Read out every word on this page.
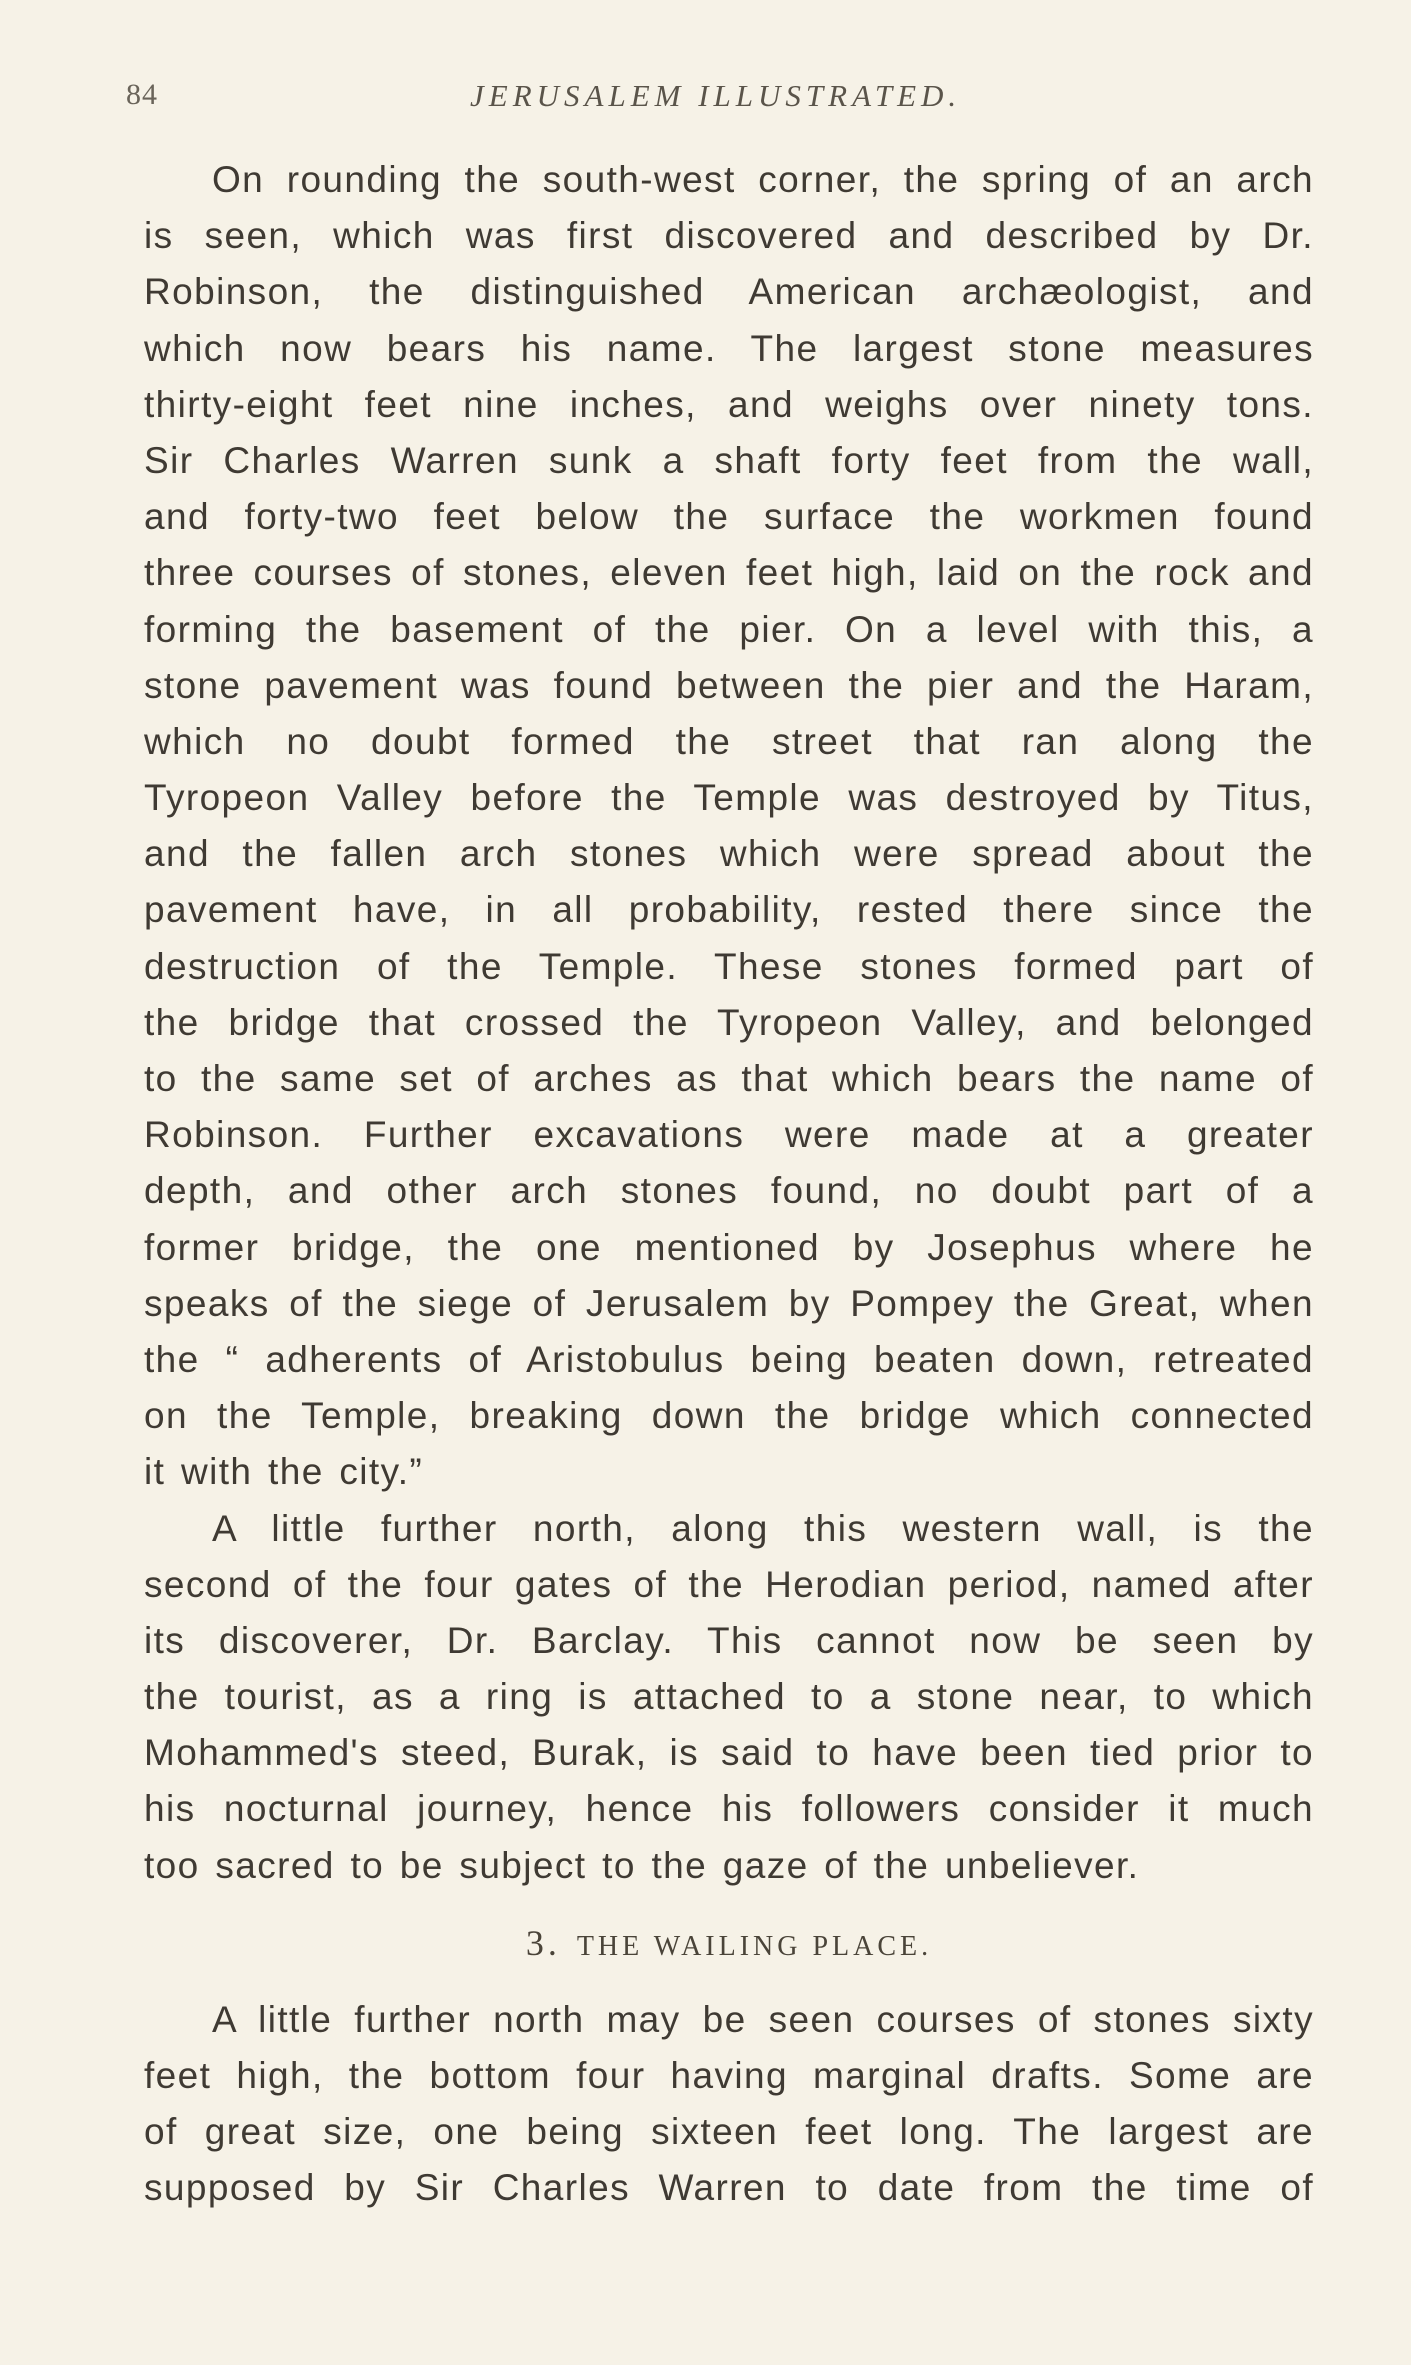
84	JERUSALEM ILLUSTRATED.
On rounding the south-west corner, the spring of an arch
is seen, which was first discovered and described by Dr.
Robinson, the distinguished American archæologist, and
which now bears his name. The largest stone measures
thirty-eight feet nine inches, and weighs over ninety tons.
Sir Charles Warren sunk a shaft forty feet from the wall,
and forty-two feet below the surface the workmen found
three courses of stones, eleven feet high, laid on the rock and
forming the basement of the pier. On a level with this, a
stone pavement was found between the pier and the Haram,
which no doubt formed the street that ran along the
Tyropeon Valley before the Temple was destroyed by Titus,
and the fallen arch stones which were spread about the
pavement have, in all probability, rested there since the
destruction of the Temple. These stones formed part of
the bridge that crossed the Tyropeon Valley, and belonged
to the same set of arches as that which bears the name of
Robinson. Further excavations were made at a greater
depth, and other arch stones found, no doubt part of a
former bridge, the one mentioned by Josephus where he
speaks of the siege of Jerusalem by Pompey the Great, when
the “ adherents of Aristobulus being beaten down, retreated
on the Temple, breaking down the bridge which connected
it with the city.”
A little further north, along this western wall, is the
second of the four gates of the Herodian period, named after
its discoverer, Dr. Barclay. This cannot now be seen by
the tourist, as a ring is attached to a stone near, to which
Mohammed's steed, Burak, is said to have been tied prior to
his nocturnal journey, hence his followers consider it much
too sacred to be subject to the gaze of the unbeliever.
3. THE WAILING PLACE.
A little further north may be seen courses of stones sixty
feet high, the bottom four having marginal drafts. Some are
of great size, one being sixteen feet long. The largest are
supposed by Sir Charles Warren to date from the time of
